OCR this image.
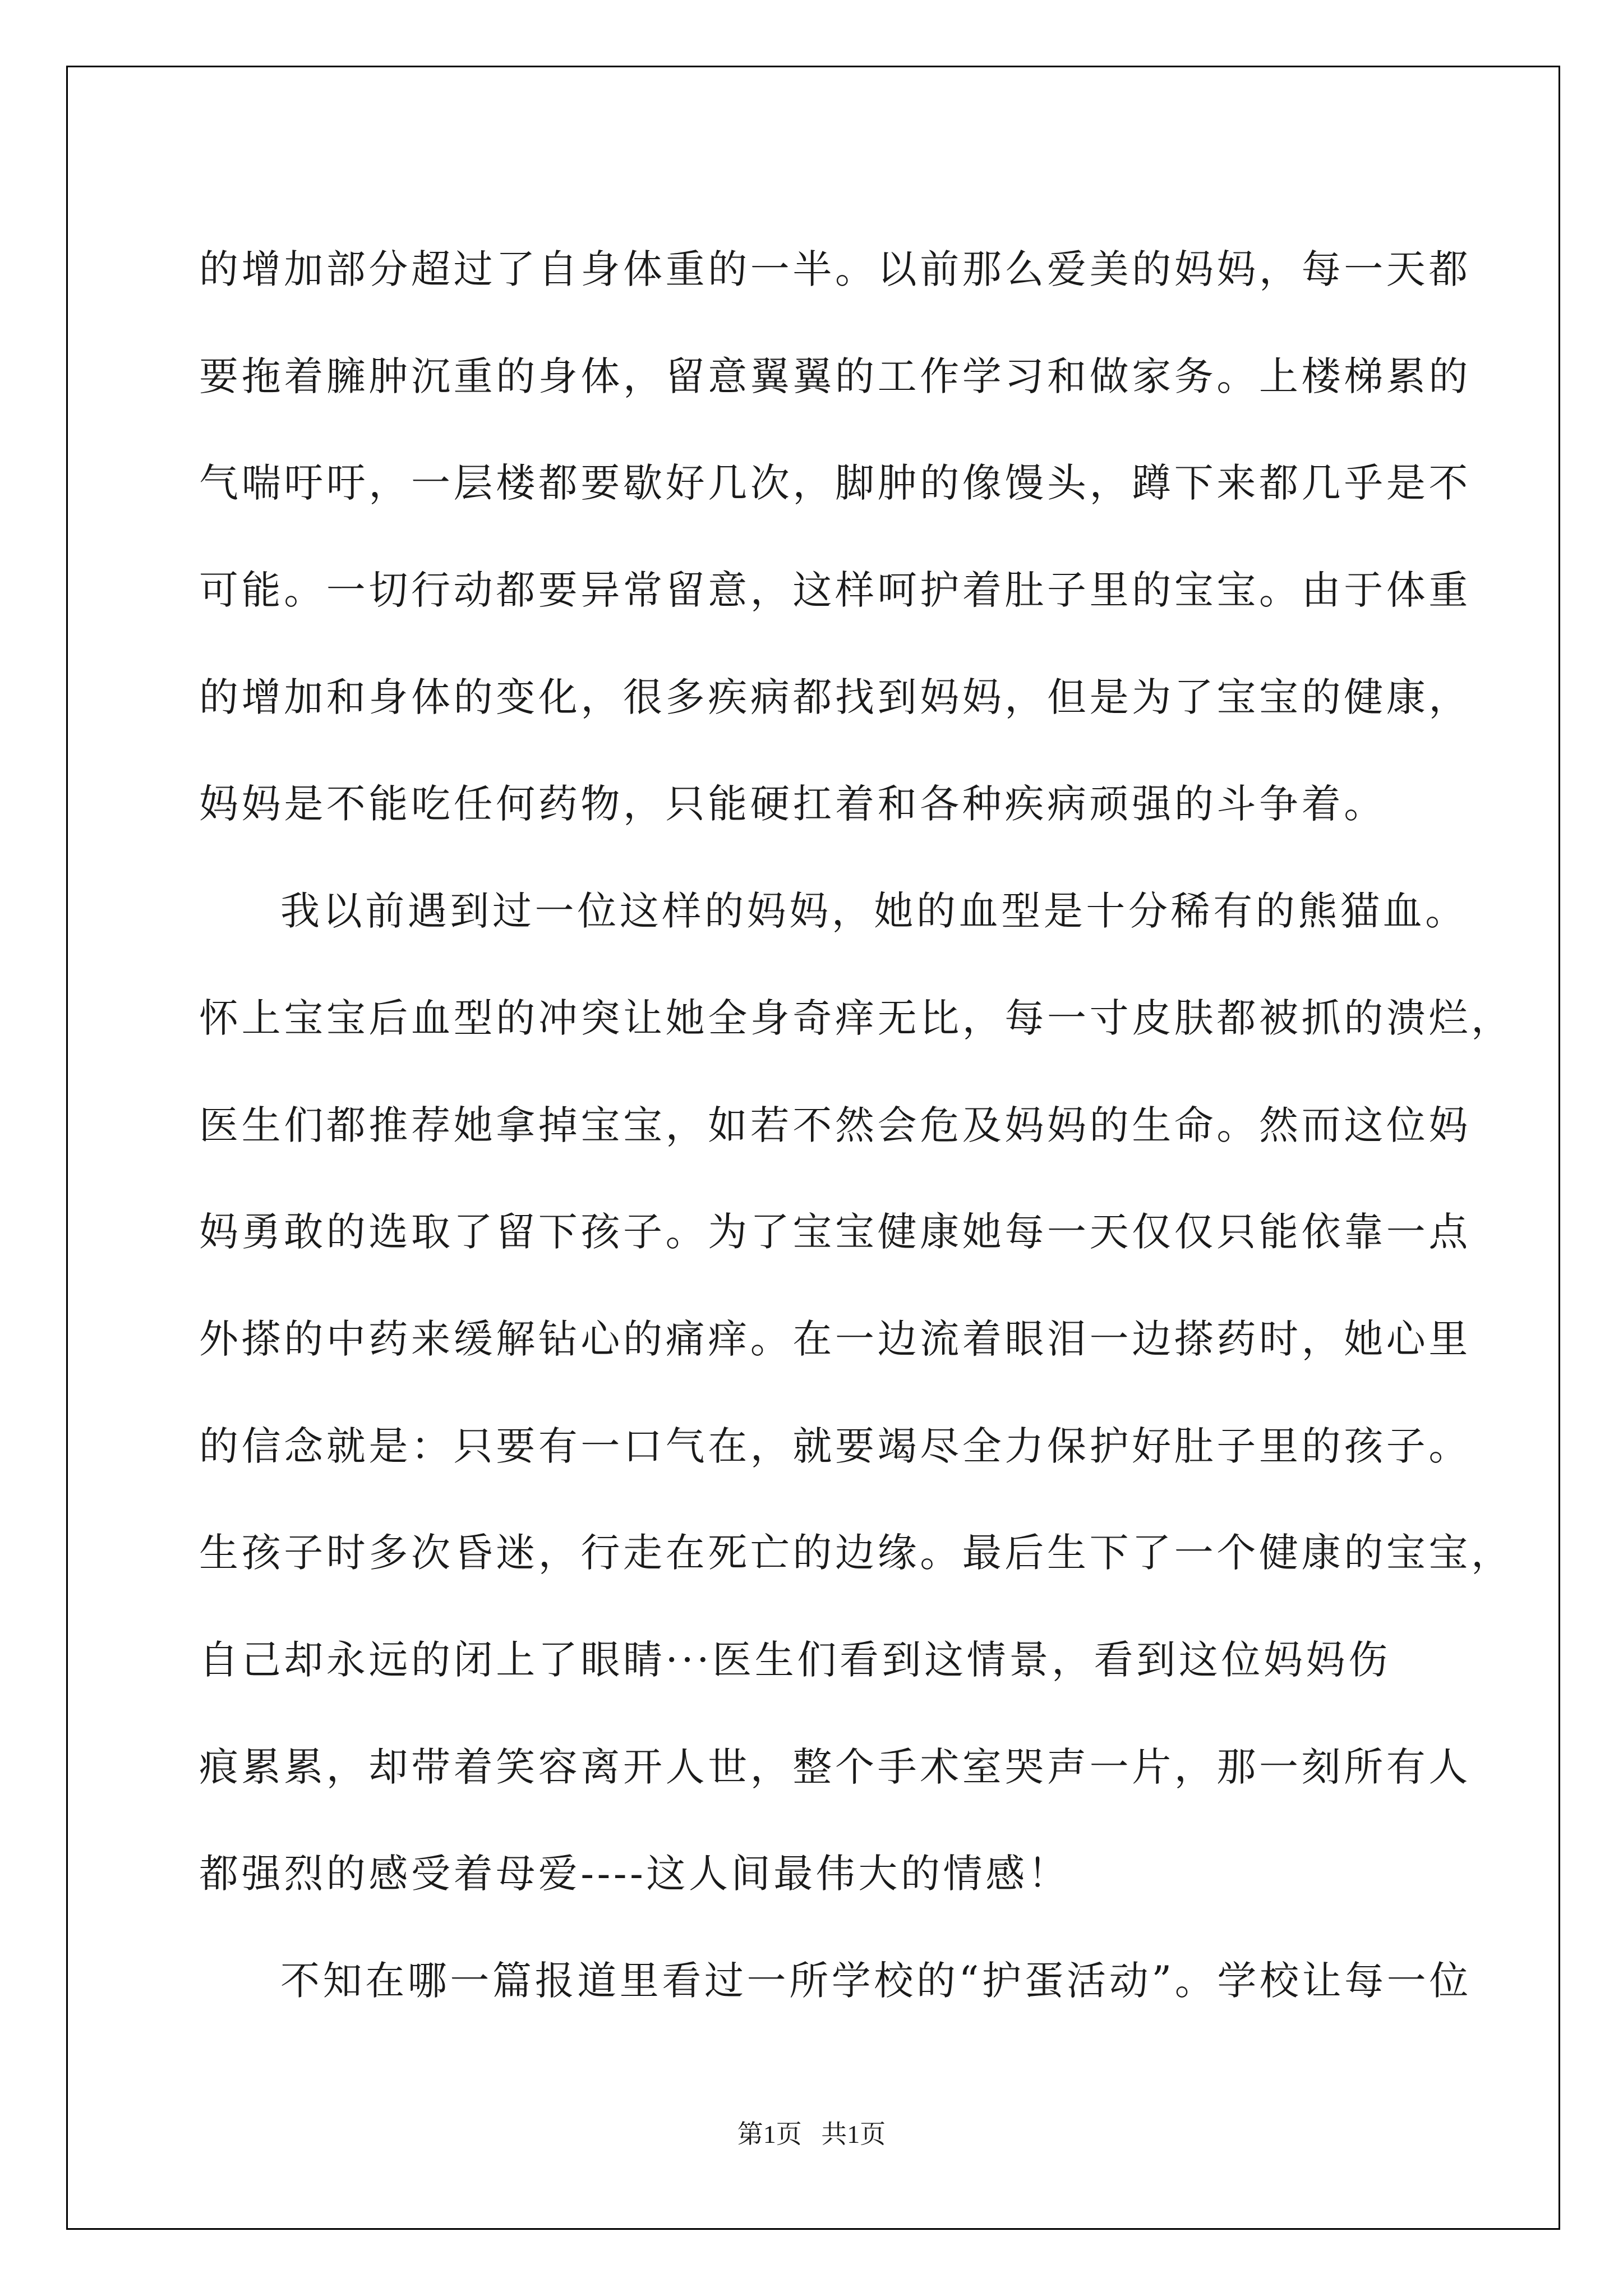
的增加部分超过了自身体重的一半。以前那么爱美的妈妈，每一天都
要拖着臃肿沉重的身体，留意翼翼的工作学习和做家务。上楼梯累的
气喘吁吁，一层楼都要歇好几次，脚肿的像馒头，蹲下来都几乎是不
可能。一切行动都要异常留意，这样呵护着肚子里的宝宝。由于体重
的增加和身体的变化，很多疾病都找到妈妈，但是为了宝宝的健康，
妈妈是不能吃任何药物，只能硬扛着和各种疾病顽强的斗争着。
我以前遇到过一位这样的妈妈，她的血型是十分稀有的熊猫血。
怀上宝宝后血型的冲突让她全身奇痒无比，每一寸皮肤都被抓的溃烂，
医生们都推荐她拿掉宝宝，如若不然会危及妈妈的生命。然而这位妈
妈勇敢的选取了留下孩子。为了宝宝健康她每一天仅仅只能依靠一点
外搽的中药来缓解钻心的痛痒。在一边流着眼泪一边搽药时，她心里
的信念就是：只要有一口气在，就要竭尽全力保护好肚子里的孩子。
生孩子时多次昏迷，行走在死亡的边缘。最后生下了一个健康的宝宝，
自己却永远的闭上了眼睛···医生们看到这情景，看到这位妈妈伤
痕累累，却带着笑容离开人世，整个手术室哭声一片，那一刻所有人
都强烈的感受着母爱----这人间最伟大的情感！
不知在哪一篇报道里看过一所学校的“护蛋活动”。学校让每一位
第1页   共1页
